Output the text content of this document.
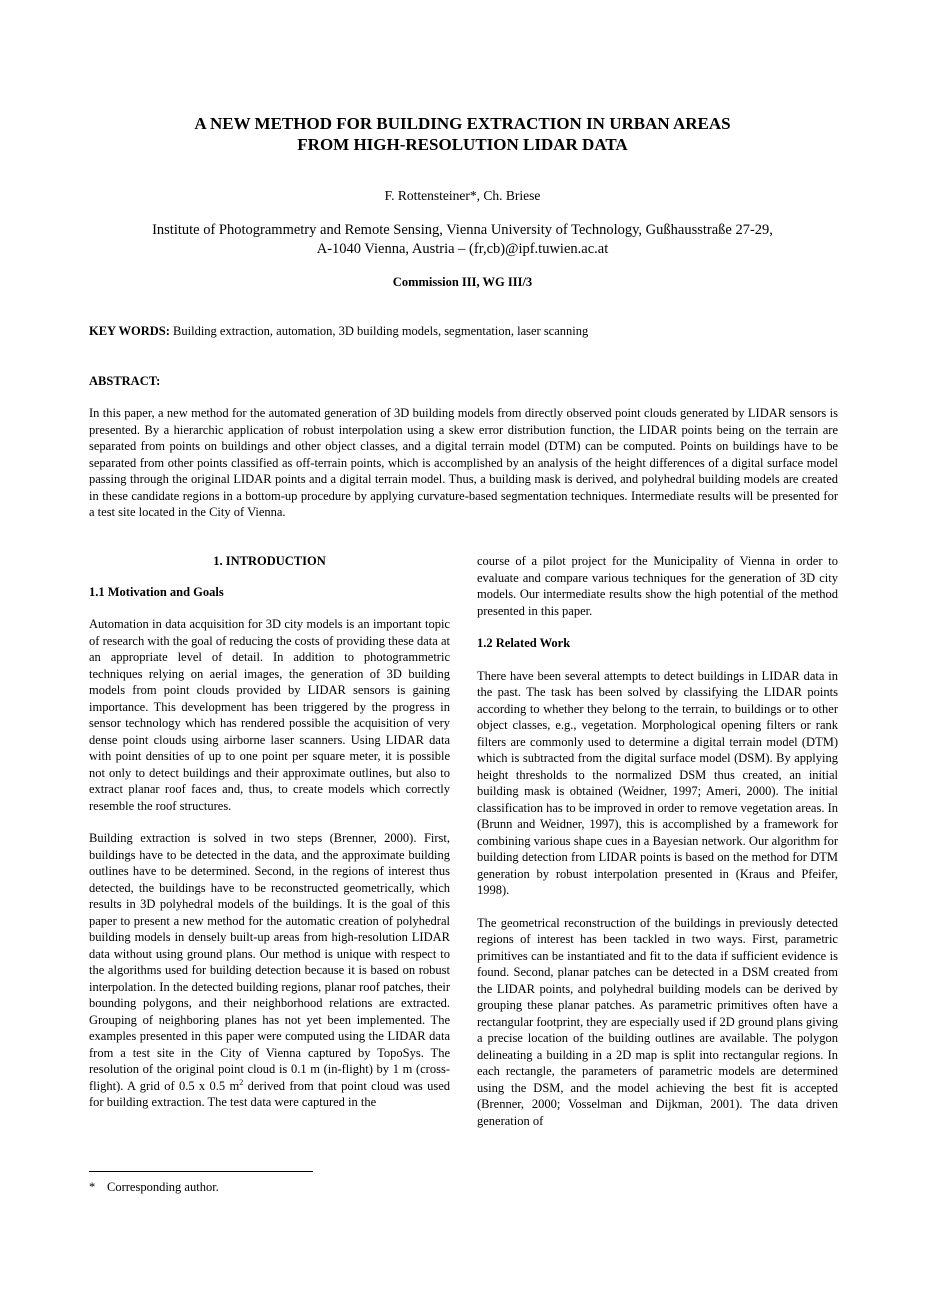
A NEW METHOD FOR BUILDING EXTRACTION IN URBAN AREAS
FROM HIGH-RESOLUTION LIDAR DATA
F. Rottensteiner*, Ch. Briese
Institute of Photogrammetry and Remote Sensing, Vienna University of Technology, Gußhausstraße 27-29,
A-1040 Vienna, Austria – (fr,cb)@ipf.tuwien.ac.at
Commission III, WG III/3
KEY WORDS: Building extraction, automation, 3D building models, segmentation, laser scanning
ABSTRACT:
In this paper, a new method for the automated generation of 3D building models from directly observed point clouds generated by LIDAR sensors is presented. By a hierarchic application of robust interpolation using a skew error distribution function, the LIDAR points being on the terrain are separated from points on buildings and other object classes, and a digital terrain model (DTM) can be computed. Points on buildings have to be separated from other points classified as off-terrain points, which is accomplished by an analysis of the height differences of a digital surface model passing through the original LIDAR points and a digital terrain model. Thus, a building mask is derived, and polyhedral building models are created in these candidate regions in a bottom-up procedure by applying curvature-based segmentation techniques. Intermediate results will be presented for a test site located in the City of Vienna.
1. INTRODUCTION
1.1 Motivation and Goals

Automation in data acquisition for 3D city models is an important topic of research with the goal of reducing the costs of providing these data at an appropriate level of detail. In addition to photogrammetric techniques relying on aerial images, the generation of 3D building models from point clouds provided by LIDAR sensors is gaining importance. This development has been triggered by the progress in sensor technology which has rendered possible the acquisition of very dense point clouds using airborne laser scanners. Using LIDAR data with point densities of up to one point per square meter, it is possible not only to detect buildings and their approximate outlines, but also to extract planar roof faces and, thus, to create models which correctly resemble the roof structures.

Building extraction is solved in two steps (Brenner, 2000). First, buildings have to be detected in the data, and the approximate building outlines have to be determined. Second, in the regions of interest thus detected, the buildings have to be reconstructed geometrically, which results in 3D polyhedral models of the buildings. It is the goal of this paper to present a new method for the automatic creation of polyhedral building models in densely built-up areas from high-resolution LIDAR data without using ground plans. Our method is unique with respect to the algorithms used for building detection because it is based on robust interpolation. In the detected building regions, planar roof patches, their bounding polygons, and their neighborhood relations are extracted. Grouping of neighboring planes has not yet been implemented. The examples presented in this paper were computed using the LIDAR data from a test site in the City of Vienna captured by TopoSys. The resolution of the original point cloud is 0.1 m (in-flight) by 1 m (cross-flight). A grid of 0.5 x 0.5 $m^2$ derived from that point cloud was used for building extraction. The test data were captured in the

course of a pilot project for the Municipality of Vienna in order to evaluate and compare various techniques for the generation of 3D city models. Our intermediate results show the high potential of the method presented in this paper.

1.2 Related Work

There have been several attempts to detect buildings in LIDAR data in the past. The task has been solved by classifying the LIDAR points according to whether they belong to the terrain, to buildings or to other object classes, e.g., vegetation. Morphological opening filters or rank filters are commonly used to determine a digital terrain model (DTM) which is subtracted from the digital surface model (DSM). By applying height thresholds to the normalized DSM thus created, an initial building mask is obtained (Weidner, 1997; Ameri, 2000). The initial classification has to be improved in order to remove vegetation areas. In (Brunn and Weidner, 1997), this is accomplished by a framework for combining various shape cues in a Bayesian network. Our algorithm for building detection from LIDAR points is based on the method for DTM generation by robust interpolation presented in (Kraus and Pfeifer, 1998).

The geometrical reconstruction of the buildings in previously detected regions of interest has been tackled in two ways. First, parametric primitives can be instantiated and fit to the data if sufficient evidence is found. Second, planar patches can be detected in a DSM created from the LIDAR points, and polyhedral building models can be derived by grouping these planar patches. As parametric primitives often have a rectangular footprint, they are especially used if 2D ground plans giving a precise location of the building outlines are available. The polygon delineating a building in a 2D map is split into rectangular regions. In each rectangle, the parameters of parametric models are determined using the DSM, and the model achieving the best fit is accepted (Brenner, 2000; Vosselman and Dijkman, 2001). The data driven generation of

* Corresponding author.
